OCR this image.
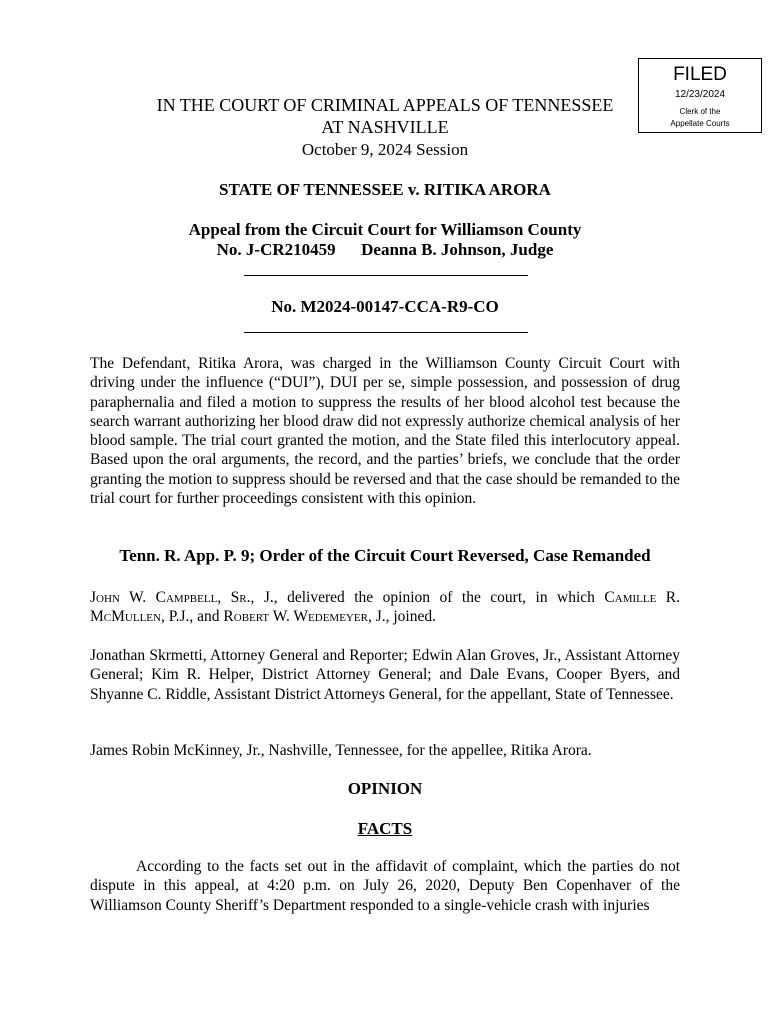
FILED
12/23/2024
Clerk of the
Appellate Courts
IN THE COURT OF CRIMINAL APPEALS OF TENNESSEE
AT NASHVILLE
October 9, 2024 Session
STATE OF TENNESSEE v. RITIKA ARORA
Appeal from the Circuit Court for Williamson County
No. J-CR210459      Deanna B. Johnson, Judge
No. M2024-00147-CCA-R9-CO
The Defendant, Ritika Arora, was charged in the Williamson County Circuit Court with driving under the influence (“DUI”), DUI per se, simple possession, and possession of drug paraphernalia and filed a motion to suppress the results of her blood alcohol test because the search warrant authorizing her blood draw did not expressly authorize chemical analysis of her blood sample. The trial court granted the motion, and the State filed this interlocutory appeal. Based upon the oral arguments, the record, and the parties’ briefs, we conclude that the order granting the motion to suppress should be reversed and that the case should be remanded to the trial court for further proceedings consistent with this opinion.
Tenn. R. App. P. 9; Order of the Circuit Court Reversed, Case Remanded
John W. Campbell, Sr., J., delivered the opinion of the court, in which Camille R. McMullen, P.J., and Robert W. Wedemeyer, J., joined.
Jonathan Skrmetti, Attorney General and Reporter; Edwin Alan Groves, Jr., Assistant Attorney General; Kim R. Helper, District Attorney General; and Dale Evans, Cooper Byers, and Shyanne C. Riddle, Assistant District Attorneys General, for the appellant, State of Tennessee.
James Robin McKinney, Jr., Nashville, Tennessee, for the appellee, Ritika Arora.
OPINION
FACTS
According to the facts set out in the affidavit of complaint, which the parties do not dispute in this appeal, at 4:20 p.m. on July 26, 2020, Deputy Ben Copenhaver of the Williamson County Sheriff’s Department responded to a single-vehicle crash with injuries
